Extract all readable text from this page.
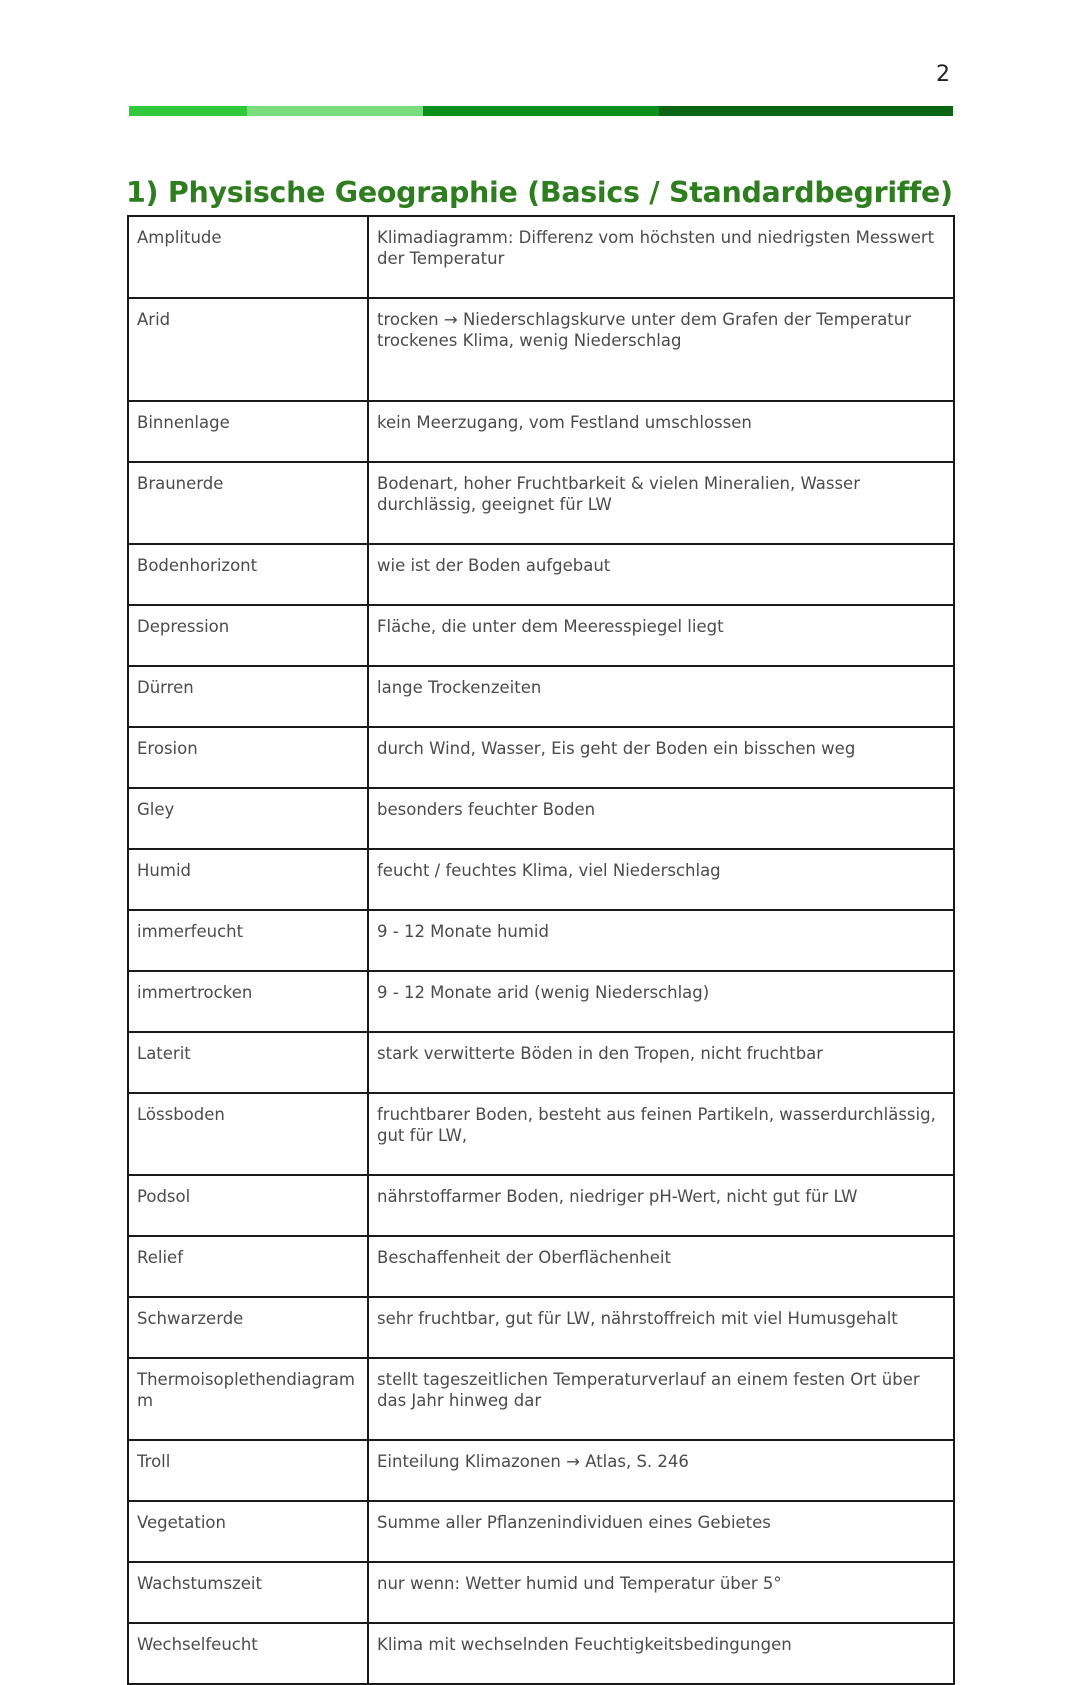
2
1) Physische Geographie (Basics / Standardbegriffe)
Amplitude	Klimadiagramm: Differenz vom höchsten und niedrigsten Messwert der Temperatur
Arid	trocken → Niederschlagskurve unter dem Grafen der Temperatur
trockenes Klima, wenig Niederschlag
Binnenlage	kein Meerzugang, vom Festland umschlossen
Braunerde	Bodenart, hoher Fruchtbarkeit & vielen Mineralien, Wasser durchlässig, geeignet für LW
Bodenhorizont	wie ist der Boden aufgebaut
Depression	Fläche, die unter dem Meeresspiegel liegt
Dürren	lange Trockenzeiten
Erosion	durch Wind, Wasser, Eis geht der Boden ein bisschen weg
Gley	besonders feuchter Boden
Humid	feucht / feuchtes Klima, viel Niederschlag
immerfeucht	9 - 12 Monate humid
immertrocken	9 - 12 Monate arid (wenig Niederschlag)
Laterit	stark verwitterte Böden in den Tropen, nicht fruchtbar
Lössboden	fruchtbarer Boden, besteht aus feinen Partikeln, wasserdurchlässig, gut für LW,
Podsol	nährstoffarmer Boden, niedriger pH-Wert, nicht gut für LW
Relief	Beschaffenheit der Oberflächenheit
Schwarzerde	sehr fruchtbar, gut für LW, nährstoffreich mit viel Humusgehalt
Thermoisoplethendiagramm	stellt tageszeitlichen Temperaturverlauf an einem festen Ort über das Jahr hinweg dar
Troll	Einteilung Klimazonen → Atlas, S. 246
Vegetation	Summe aller Pflanzenindividuen eines Gebietes
Wachstumszeit	nur wenn: Wetter humid und Temperatur über 5°
Wechselfeucht	Klima mit wechselnden Feuchtigkeitsbedingungen
